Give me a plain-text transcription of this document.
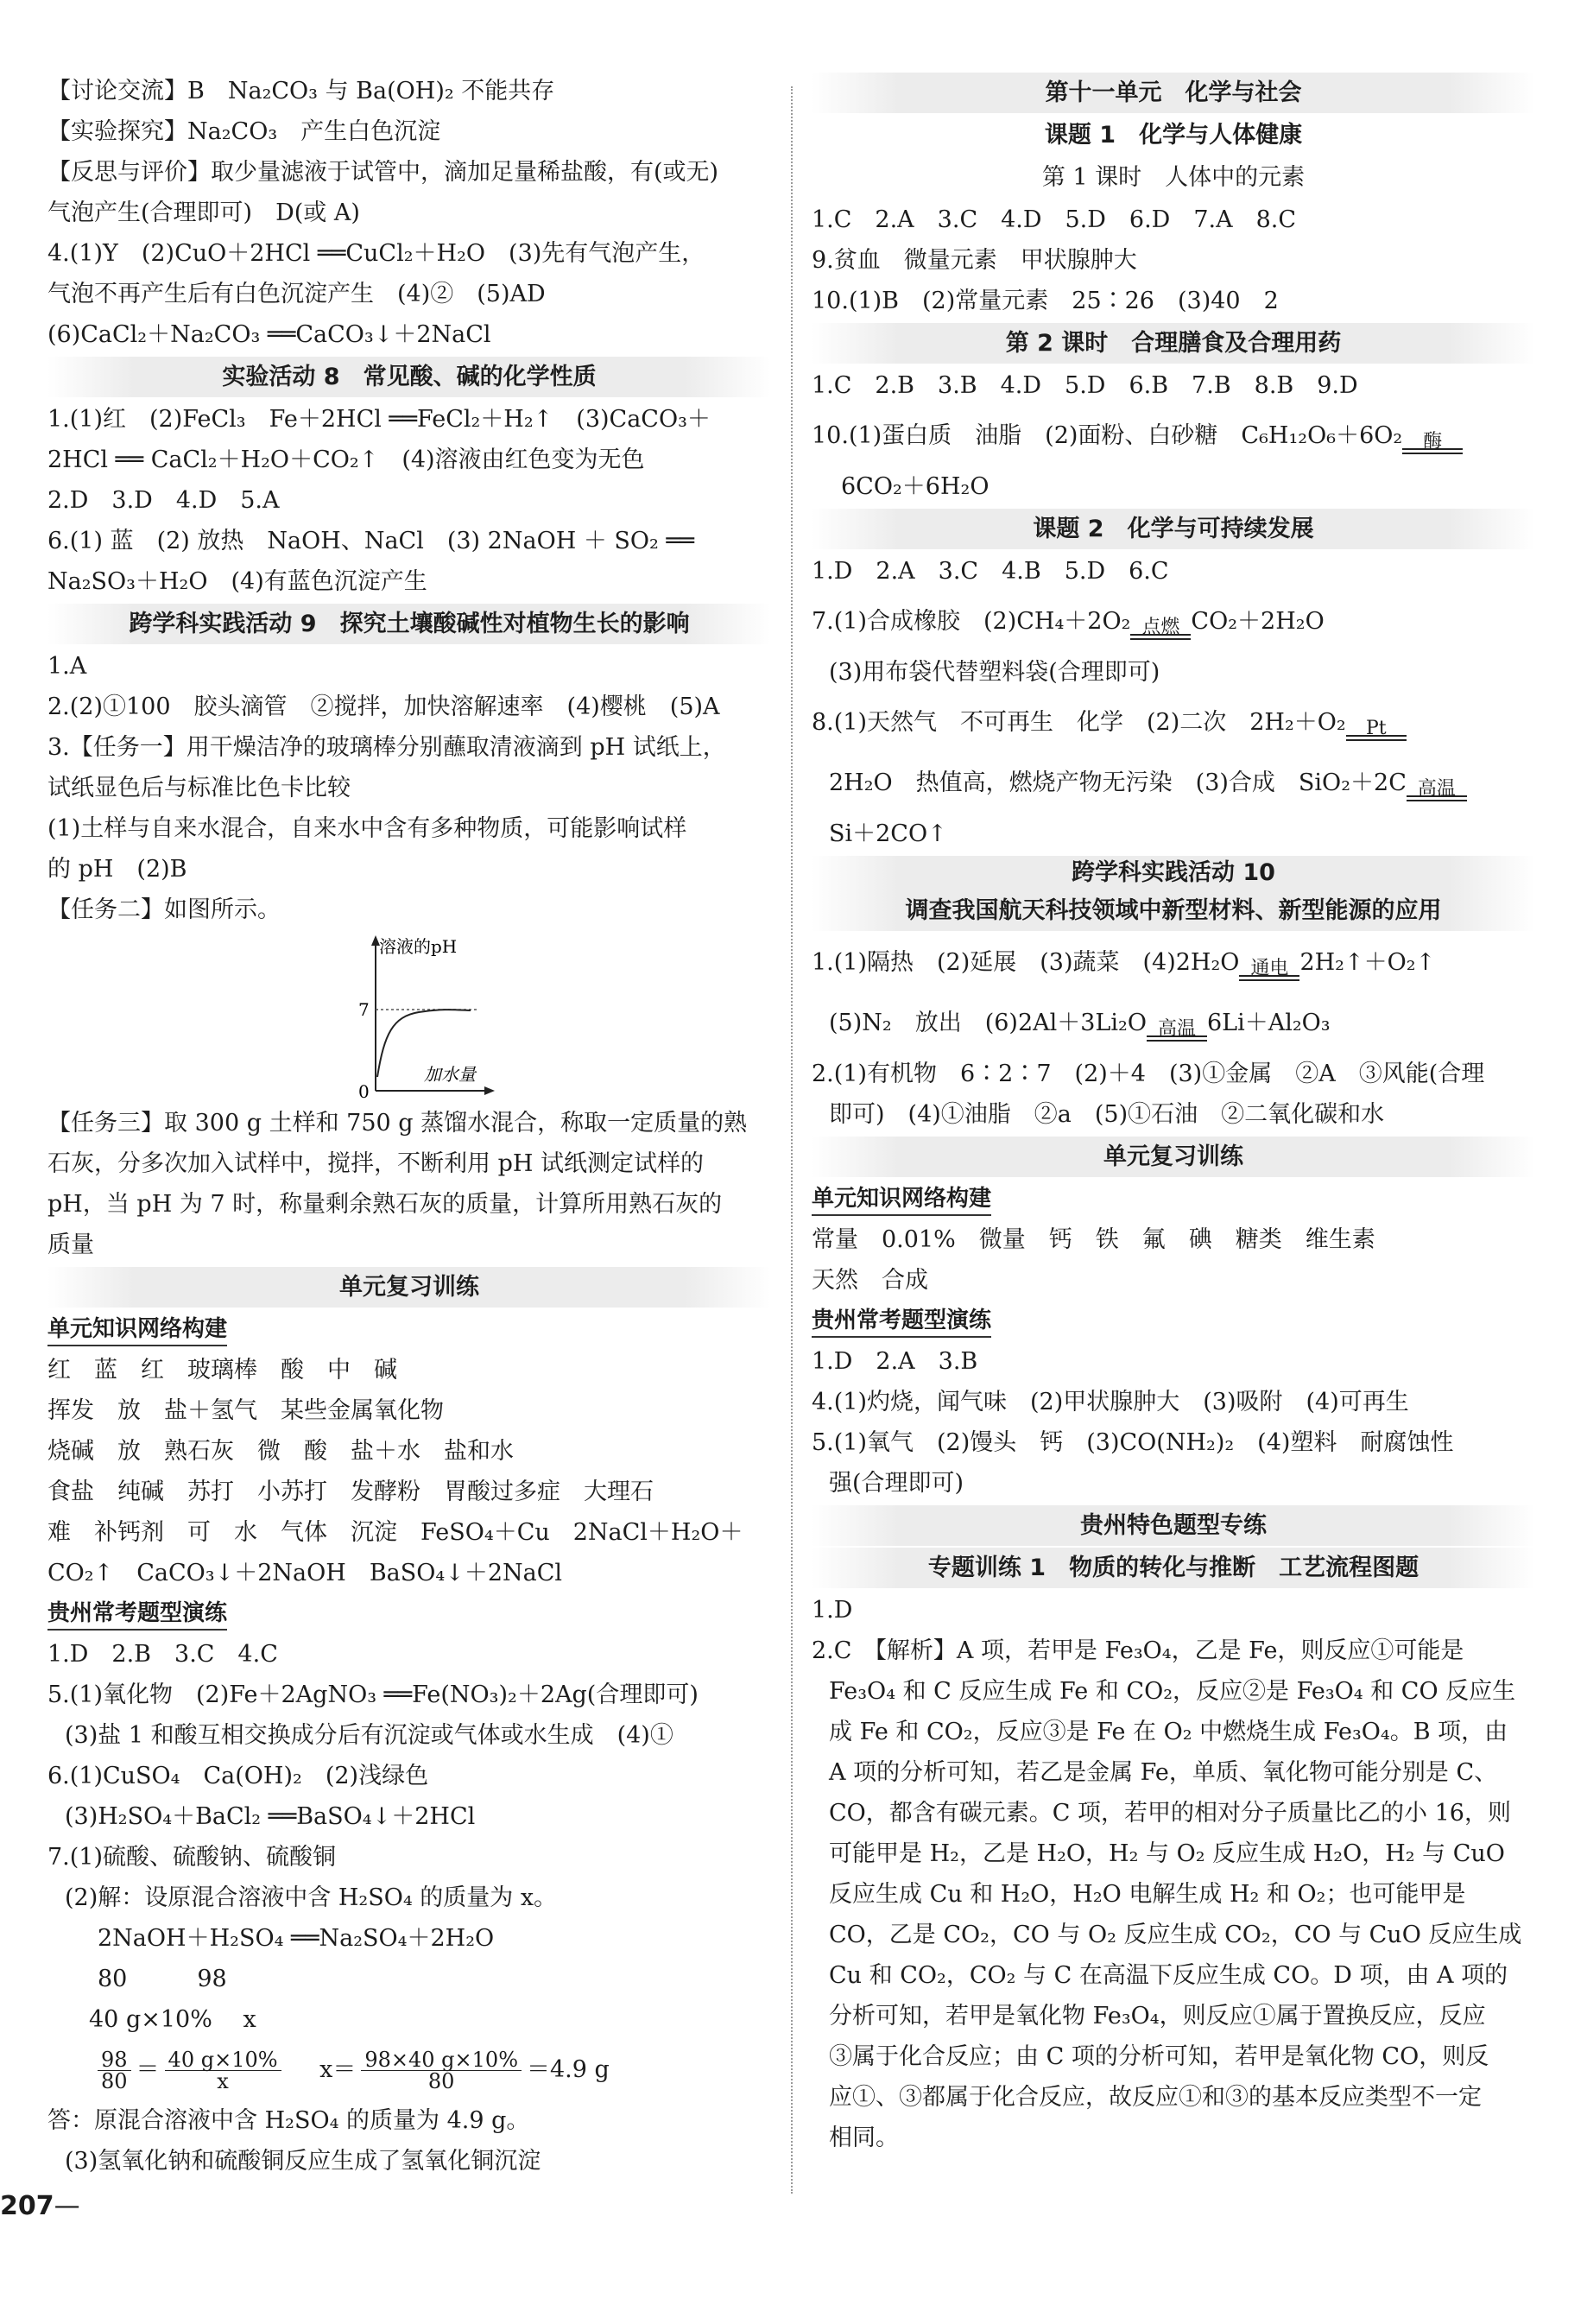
【讨论交流】B　Na₂CO₃ 与 Ba(OH)₂ 不能共存
【实验探究】Na₂CO₃　产生白色沉淀
【反思与评价】取少量滤液于试管中，滴加足量稀盐酸，有(或无)
气泡产生(合理即可)　D(或 A)
4.(1)Y　(2)CuO＋2HCl ══CuCl₂＋H₂O　(3)先有气泡产生，
气泡不再产生后有白色沉淀产生　(4)②　(5)AD
(6)CaCl₂＋Na₂CO₃ ══CaCO₃↓＋2NaCl
实验活动 8　常见酸、碱的化学性质
1.(1)红　(2)FeCl₃　Fe＋2HCl ══FeCl₂＋H₂↑　(3)CaCO₃＋
2HCl ══ CaCl₂＋H₂O＋CO₂↑　(4)溶液由红色变为无色
2.D　3.D　4.D　5.A
6.(1) 蓝　(2) 放热　NaOH、NaCl　(3) 2NaOH ＋ SO₂ ══
Na₂SO₃＋H₂O　(4)有蓝色沉淀产生
跨学科实践活动 9　探究土壤酸碱性对植物生长的影响
1.A
2.(2)①100　胶头滴管　②搅拌，加快溶解速率　(4)樱桃　(5)A
3.【任务一】用干燥洁净的玻璃棒分别蘸取清液滴到 pH 试纸上，
试纸显色后与标准比色卡比较
(1)土样与自来水混合，自来水中含有多种物质，可能影响试样
的 pH　(2)B
【任务二】如图所示。
溶液的pH
7
0
加水量
【任务三】取 300 g 土样和 750 g 蒸馏水混合，称取一定质量的熟
石灰，分多次加入试样中，搅拌，不断利用 pH 试纸测定试样的
pH，当 pH 为 7 时，称量剩余熟石灰的质量，计算所用熟石灰的
质量
单元复习训练
单元知识网络构建
红　蓝　红　玻璃棒　酸　中　碱
挥发　放　盐＋氢气　某些金属氧化物
烧碱　放　熟石灰　微　酸　盐＋水　盐和水
食盐　纯碱　苏打　小苏打　发酵粉　胃酸过多症　大理石
难　补钙剂　可　水　气体　沉淀　FeSO₄＋Cu　2NaCl＋H₂O＋
CO₂↑　CaCO₃↓＋2NaOH　BaSO₄↓＋2NaCl
贵州常考题型演练
1.D　2.B　3.C　4.C
5.(1)氧化物　(2)Fe＋2AgNO₃ ══Fe(NO₃)₂＋2Ag(合理即可)
(3)盐 1 和酸互相交换成分后有沉淀或气体或水生成　(4)①
6.(1)CuSO₄　Ca(OH)₂　(2)浅绿色
(3)H₂SO₄＋BaCl₂ ══BaSO₄↓＋2HCl
7.(1)硫酸、硫酸钠、硫酸铜
(2)解：设原混合溶液中含 H₂SO₄ 的质量为 x。
2NaOH＋H₂SO₄ ══Na₂SO₄＋2H₂O
80　　　98
40 g×10%　 x
$\frac{98}{80} = \frac{40 g\times 10\%}{x} x= \frac{98\times 40 g\times 10\%}{80} =4.9$ g
答：原混合溶液中含 H₂SO₄ 的质量为 4.9 g。
(3)氢氧化钠和硫酸铜反应生成了氢氧化铜沉淀
第十一单元　化学与社会
课题 1　化学与人体健康
第 1 课时　人体中的元素
1.C　2.A　3.C　4.D　5.D　6.D　7.A　8.C
9.贫血　微量元素　甲状腺肿大
10.(1)B　(2)常量元素　25∶26　(3)40　2
第 2 课时　合理膳食及合理用药
1.C　2.B　3.B　4.D　5.D　6.B　7.B　8.B　9.D
10.(1)蛋白质　油脂　(2)面粉、白砂糖　C₆H₁₂O₆＋6O₂	酶
6CO₂＋6H₂O
课题 2　化学与可持续发展
1.D　2.A　3.C　4.B　5.D　6.C
7.(1)合成橡胶　(2)CH₄＋2O₂ 点燃 CO₂＋2H₂O
(3)用布袋代替塑料袋(合理即可)
8.(1)天然气　不可再生　化学　(2)二次　2H₂＋O₂	Pt
2H₂O　热值高，燃烧产物无污染　(3)合成　SiO₂＋2C 高温
Si＋2CO↑
跨学科实践活动 10
调查我国航天科技领域中新型材料、新型能源的应用
1.(1)隔热　(2)延展　(3)蔬菜　(4)2H₂O 通电 2H₂↑＋O₂↑
(5)N₂　放出　(6)2Al＋3Li₂O 高温 6Li＋Al₂O₃
2.(1)有机物　6∶2∶7　(2)＋4　(3)①金属　②A　③风能(合理
即可)　(4)①油脂　②a　(5)①石油　②二氧化碳和水
单元复习训练
单元知识网络构建
常量　0.01%　微量　钙　铁　氟　碘　糖类　维生素
天然　合成
贵州常考题型演练
1.D　2.A　3.B
4.(1)灼烧，闻气味　(2)甲状腺肿大　(3)吸附　(4)可再生
5.(1)氧气　(2)馒头　钙　(3)CO(NH₂)₂　(4)塑料　耐腐蚀性
强(合理即可)
贵州特色题型专练
专题训练 1　物质的转化与推断　工艺流程图题
1.D
2.C　【解析】A 项，若甲是 Fe₃O₄，乙是 Fe，则反应①可能是
Fe₃O₄ 和 C 反应生成 Fe 和 CO₂，反应②是 Fe₃O₄ 和 CO 反应生
成 Fe 和 CO₂，反应③是 Fe 在 O₂ 中燃烧生成 Fe₃O₄。B 项，由
A 项的分析可知，若乙是金属 Fe，单质、氧化物可能分别是 C、
CO，都含有碳元素。C 项，若甲的相对分子质量比乙的小 16，则
可能甲是 H₂，乙是 H₂O，H₂ 与 O₂ 反应生成 H₂O，H₂ 与 CuO
反应生成 Cu 和 H₂O，H₂O 电解生成 H₂ 和 O₂；也可能甲是
CO，乙是 CO₂，CO 与 O₂ 反应生成 CO₂，CO 与 CuO 反应生成
Cu 和 CO₂，CO₂ 与 C 在高温下反应生成 CO。D 项，由 A 项的
分析可知，若甲是氧化物 Fe₃O₄，则反应①属于置换反应，反应
③属于化合反应；由 C 项的分析可知，若甲是氧化物 CO，则反
应①、③都属于化合反应，故反应①和③的基本反应类型不一定
相同。
207—
